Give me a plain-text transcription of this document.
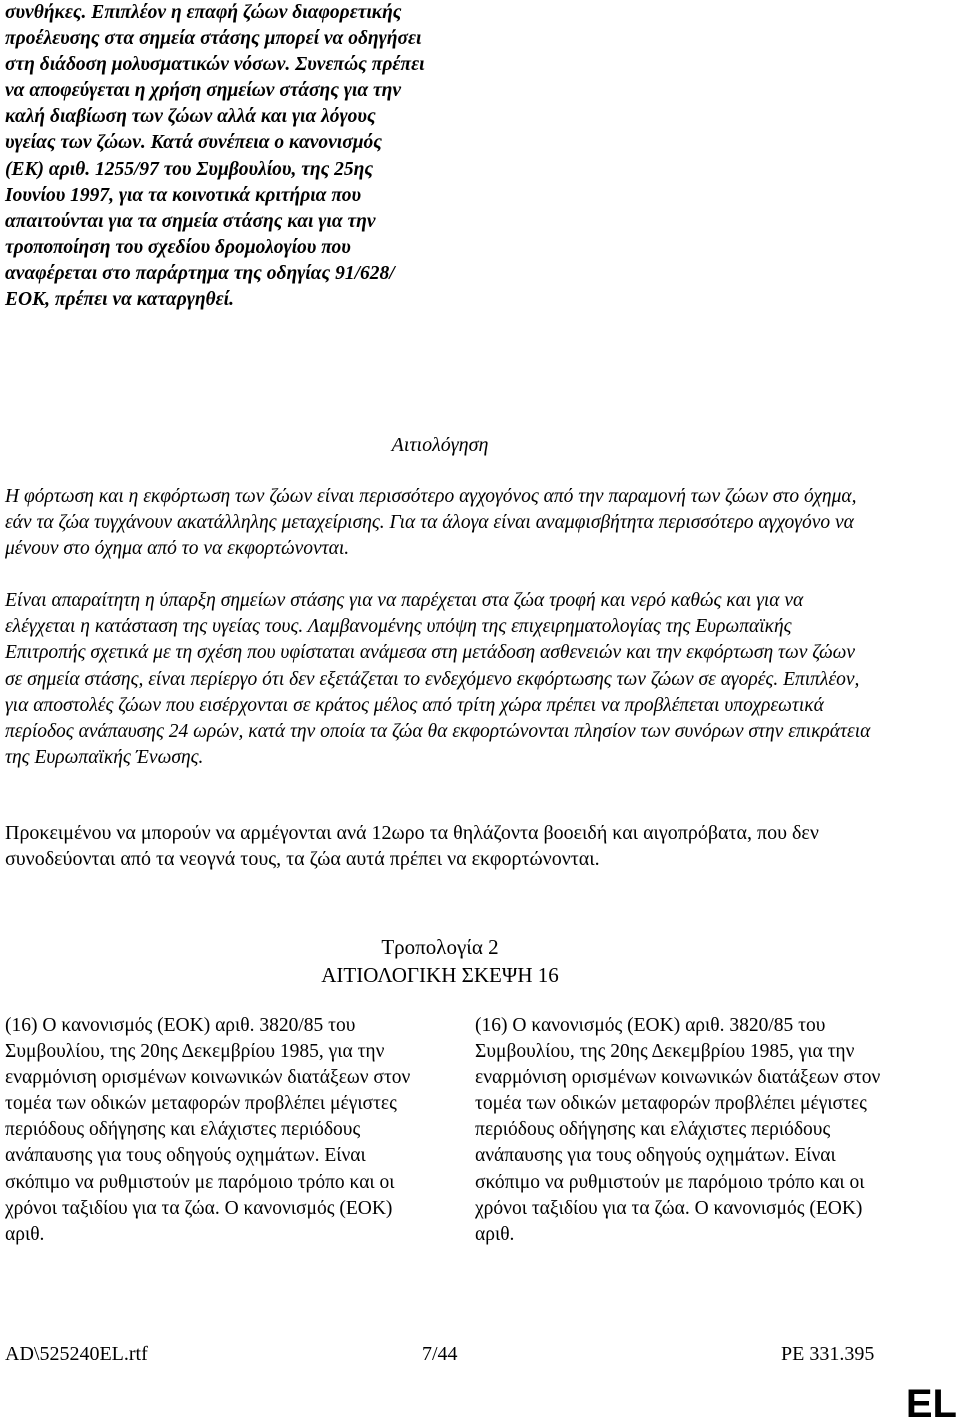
συνθήκες. Επιπλέον η επαφή ζώων διαφορετικής προέλευσης στα σημεία στάσης μπορεί να οδηγήσει στη διάδοση μολυσματικών νόσων. Συνεπώς πρέπει να αποφεύγεται η χρήση σημείων στάσης για την καλή διαβίωση των ζώων αλλά και για λόγους υγείας των ζώων. Κατά συνέπεια ο κανονισμός (ΕΚ) αριθ. 1255/97 του Συμβουλίου, της 25ης Ιουνίου 1997, για τα κοινοτικά κριτήρια που απαιτούνται για τα σημεία στάσης και για την τροποποίηση του σχεδίου δρομολογίου που αναφέρεται στο παράρτημα της οδηγίας 91/628/ΕΟΚ, πρέπει να καταργηθεί.

Αιτιολόγηση

Η φόρτωση και η εκφόρτωση των ζώων είναι περισσότερο αγχογόνος από την παραμονή των ζώων στο όχημα, εάν τα ζώα τυγχάνουν ακατάλληλης μεταχείρισης. Για τα άλογα είναι αναμφισβήτητα περισσότερο αγχογόνο να μένουν στο όχημα από το να εκφορτώνονται.

Είναι απαραίτητη η ύπαρξη σημείων στάσης για να παρέχεται στα ζώα τροφή και νερό καθώς και για να ελέγχεται η κατάσταση της υγείας τους. Λαμβανομένης υπόψη της επιχειρηματολογίας της Ευρωπαϊκής Επιτροπής σχετικά με τη σχέση που υφίσταται ανάμεσα στη μετάδοση ασθενειών και την εκφόρτωση των ζώων σε σημεία στάσης, είναι περίεργο ότι δεν εξετάζεται το ενδεχόμενο εκφόρτωσης των ζώων σε αγορές. Επιπλέον, για αποστολές ζώων που εισέρχονται σε κράτος μέλος από τρίτη χώρα πρέπει να προβλέπεται υποχρεωτικά περίοδος ανάπαυσης 24 ωρών, κατά την οποία τα ζώα θα εκφορτώνονται πλησίον των συνόρων στην επικράτεια της Ευρωπαϊκής Ένωσης.

Προκειμένου να μπορούν να αρμέγονται ανά 12ωρο τα θηλάζοντα βοοειδή και αιγοπρόβατα, που δεν συνοδεύονται από τα νεογνά τους, τα ζώα αυτά πρέπει να εκφορτώνονται.

Τροπολογία 2
ΑΙΤΙΟΛΟΓΙΚΗ ΣΚΕΨΗ 16

(16) Ο κανονισμός (ΕΟΚ) αριθ. 3820/85 του Συμβουλίου, της 20ης Δεκεμβρίου 1985, για την εναρμόνιση ορισμένων κοινωνικών διατάξεων στον τομέα των οδικών μεταφορών προβλέπει μέγιστες περιόδους οδήγησης και ελάχιστες περιόδους ανάπαυσης για τους οδηγούς οχημάτων. Είναι σκόπιμο να ρυθμιστούν με παρόμοιο τρόπο και οι χρόνοι ταξιδίου για τα ζώα. Ο κανονισμός (ΕΟΚ) αριθ.

(16) Ο κανονισμός (ΕΟΚ) αριθ. 3820/85 του Συμβουλίου, της 20ης Δεκεμβρίου 1985, για την εναρμόνιση ορισμένων κοινωνικών διατάξεων στον τομέα των οδικών μεταφορών προβλέπει μέγιστες περιόδους οδήγησης και ελάχιστες περιόδους ανάπαυσης για τους οδηγούς οχημάτων. Είναι σκόπιμο να ρυθμιστούν με παρόμοιο τρόπο και οι χρόνοι ταξιδίου για τα ζώα. Ο κανονισμός (ΕΟΚ) αριθ.

AD\525240EL.rtf	7/44	PE 331.395
EL
